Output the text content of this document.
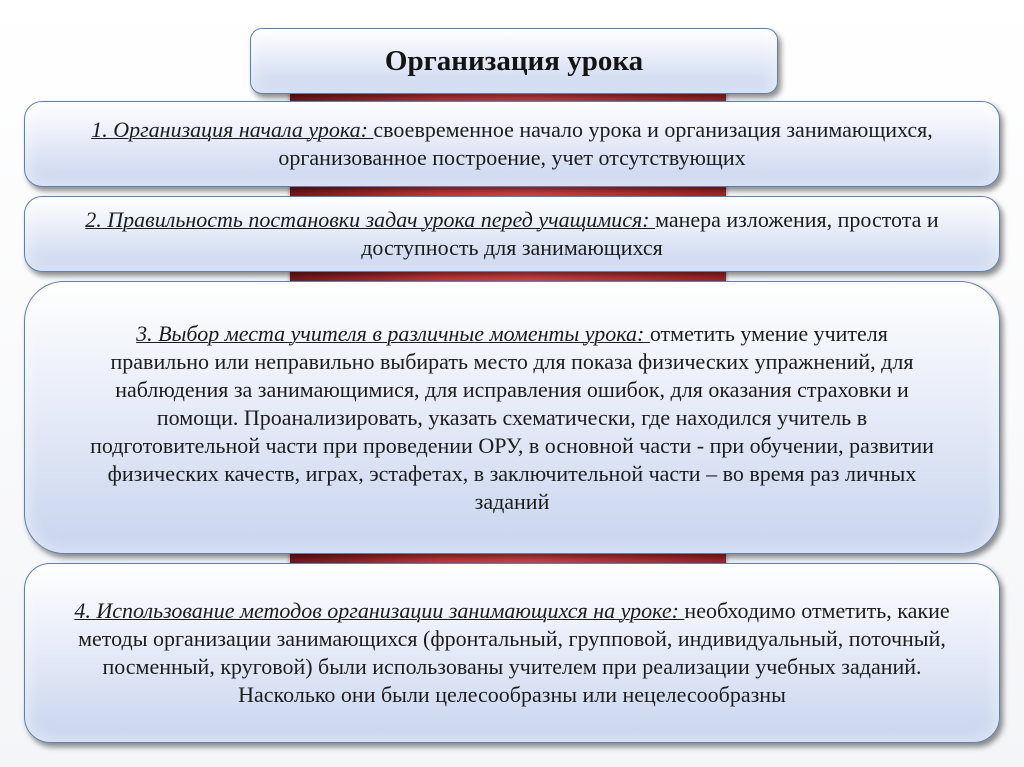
Организация урока

1. Организация начала урока: своевременное начало урока и организация занимающихся, организованное построение, учет отсутствующих

2. Правильность постановки задач урока перед учащимися: манера изложения, простота и доступность для занимающихся

3. Выбор места учителя в различные моменты урока: отметить умение учителя правильно или неправильно выбирать место для показа физических упражнений, для наблюдения за занимающимися, для исправления ошибок, для оказания страховки и помощи. Проанализировать, указать схематически, где находился учитель в подготовительной части при проведении ОРУ, в основной части - при обучении, развитии физических качеств, играх, эстафетах, в заключительной части – во время раз личных заданий

4. Использование методов организации занимающихся на уроке: необходимо отметить, какие методы организации занимающихся (фронтальный, групповой, индивидуальный, поточный, посменный, круговой) были использованы учителем при реализации учебных заданий. Насколько они были целесообразны или нецелесообразны
